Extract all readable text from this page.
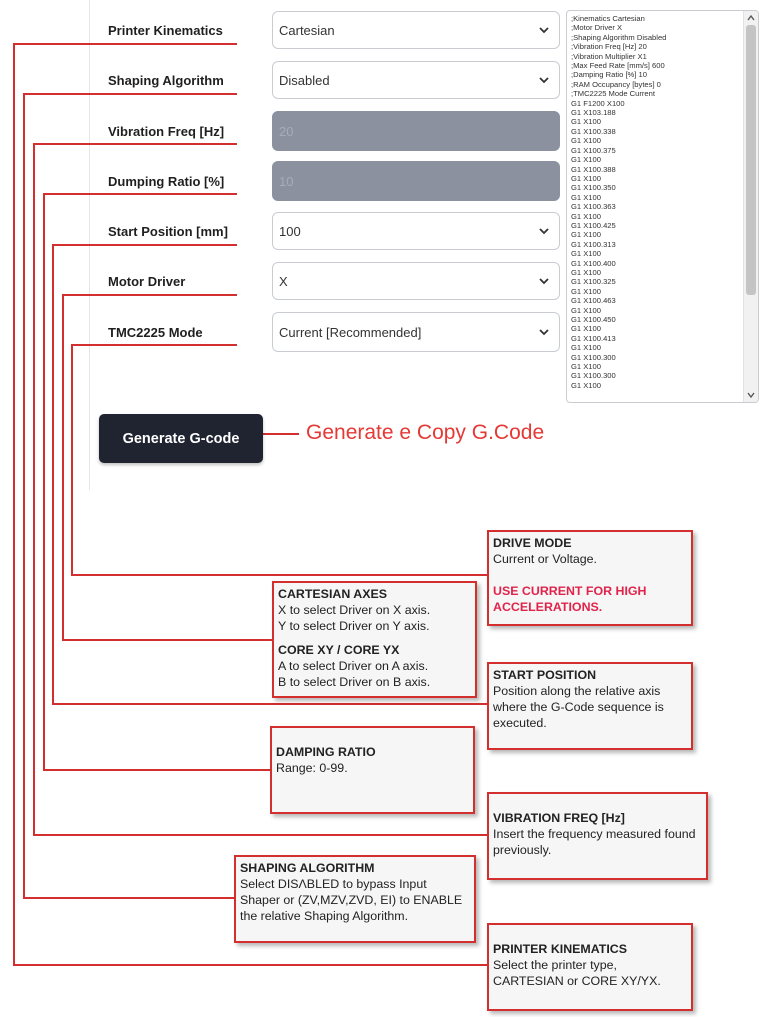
Printer Kinematics	Cartesian
Shaping Algorithm	Disabled
Vibration Freq [Hz]	20
Dumping Ratio [%]	10
Start Position [mm]	100
Motor Driver	X
TMC2225 Mode	Current [Recommended]
;Kinematics Cartesian
;Motor Driver X
;Shaping Algorithm Disabled
;Vibration Freq [Hz] 20
;Vibration Multiplier X1
;Max Feed Rate [mm/s] 600
;Damping Ratio [%] 10
;RAM Occupancy [bytes] 0
;TMC2225 Mode Current
G1 F1200 X100
G1 X103.188
G1 X100
G1 X100.338
G1 X100
G1 X100.375
G1 X100
G1 X100.388
G1 X100
G1 X100.350
G1 X100
G1 X100.363
G1 X100
G1 X100.425
G1 X100
G1 X100.313
G1 X100
G1 X100.400
G1 X100
G1 X100.325
G1 X100
G1 X100.463
G1 X100
G1 X100.450
G1 X100
G1 X100.413
G1 X100
G1 X100.300
G1 X100
G1 X100.300
G1 X100
Generate G-code	Generate e Copy G.Code
DRIVE MODE
Current or Voltage.
USE CURRENT FOR HIGH ACCELERATIONS.
CARTESIAN AXES
X to select Driver on X axis.
Y to select Driver on Y axis.
CORE XY / CORE YX
A to select Driver on A axis.
B to select Driver on B axis.	START POSITION
Position along the relative axis where the G-Code sequence is executed.
DAMPING RATIO
Range: 0-99.
VIBRATION FREQ [Hz]
Insert the frequency measured found previously.
SHAPING ALGORITHM
Select DISΛBLED to bypass Input Shaper or (ZV,MZV,ZVD, EI) to ENABLE the relative Shaping Algorithm.
PRINTER KINEMATICS
Select the printer type, CARTESIAN or CORE XY/YX.
